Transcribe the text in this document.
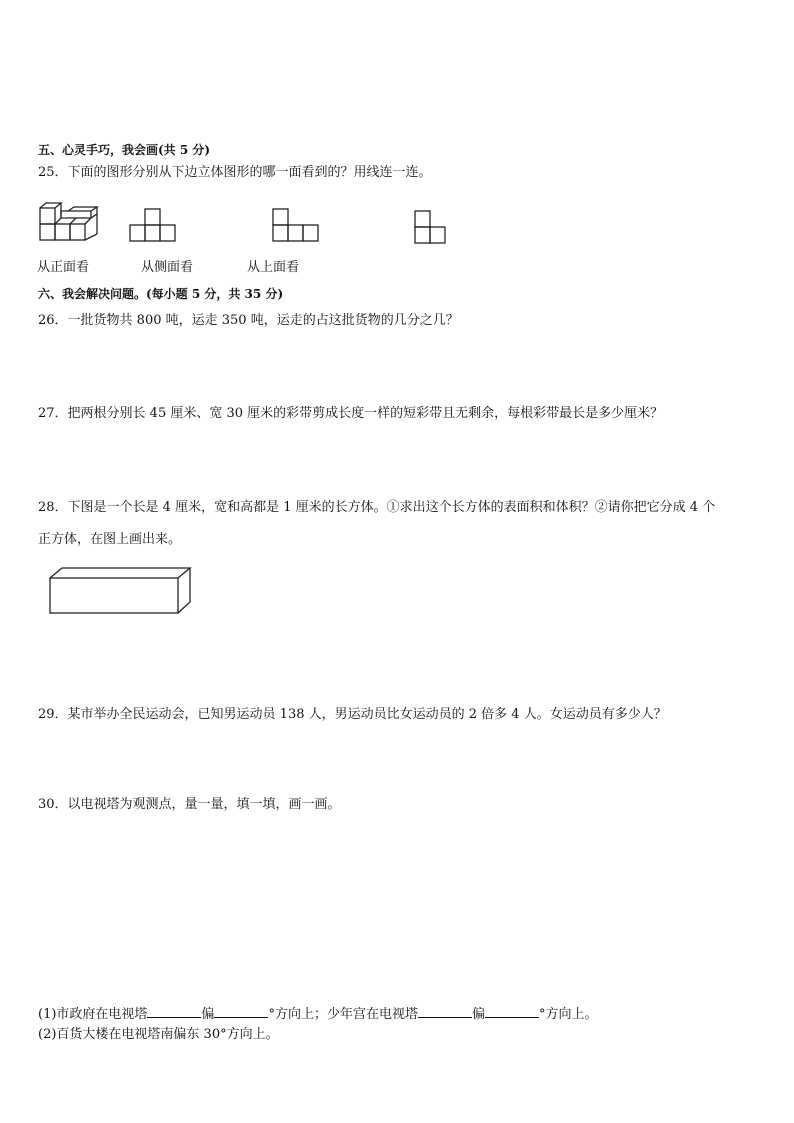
五、心灵手巧，我会画(共 5 分)
25．下面的图形分别从下边立体图形的哪一面看到的？用线连一连。
从正面看	从侧面看	从上面看
六、我会解决问题。(每小题 5 分，共 35 分)
26．一批货物共 800 吨，运走 350 吨，运走的占这批货物的几分之几？
27．把两根分别长 45 厘米、宽 30 厘米的彩带剪成长度一样的短彩带且无剩余，每根彩带最长是多少厘米？
28．下图是一个长是 4 厘米，宽和高都是 1 厘米的长方体。①求出这个长方体的表面积和体积？②请你把它分成 4 个
正方体，在图上画出来。
29．某市举办全民运动会，已知男运动员 138 人，男运动员比女运动员的 2 倍多 4 人。女运动员有多少人？
30．以电视塔为观测点，量一量，填一填，画一画。
(1)市政府在电视塔	偏	°方向上；少年宫在电视塔	偏	°方向上。
(2)百货大楼在电视塔南偏东 30°方向上。
